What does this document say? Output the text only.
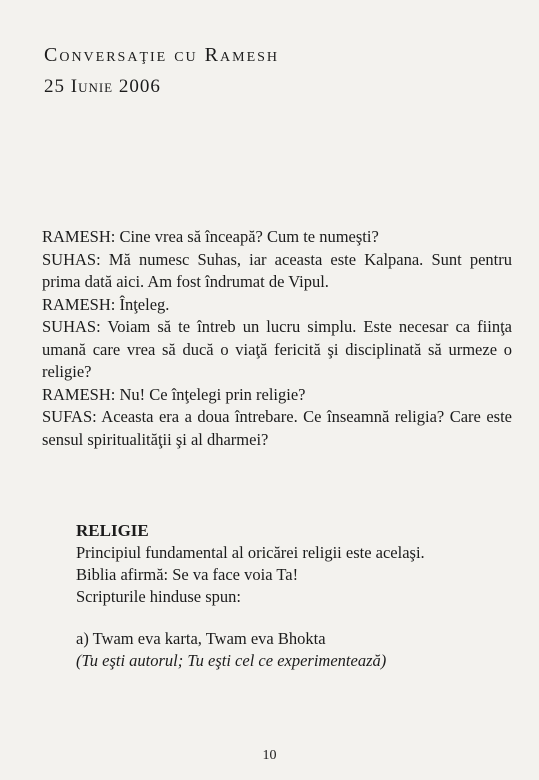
Conversaţie cu Ramesh
25 Iunie 2006

RAMESH: Cine vrea să înceapă? Cum te numeşti?

SUHAS: Mă numesc Suhas, iar aceasta este Kalpana. Sunt pentru prima dată aici. Am fost îndrumat de Vipul.

RAMESH: Înţeleg.

SUHAS: Voiam să te întreb un lucru simplu. Este necesar ca fiinţa umană care vrea să ducă o viaţă fericită şi disciplinată să urmeze o religie?

RAMESH: Nu! Ce înţelegi prin religie?

SUFAS: Aceasta era a doua întrebare. Ce înseamnă religia? Care este sensul spiritualităţii şi al dharmei?

RELIGIE

Principiul fundamental al oricărei religii este acelaşi.

Biblia afirmă: Se va face voia Ta!

Scripturile hinduse spun:

a) Twam eva karta, Twam eva Bhokta

(Tu eşti autorul; Tu eşti cel ce experimentează)

10
